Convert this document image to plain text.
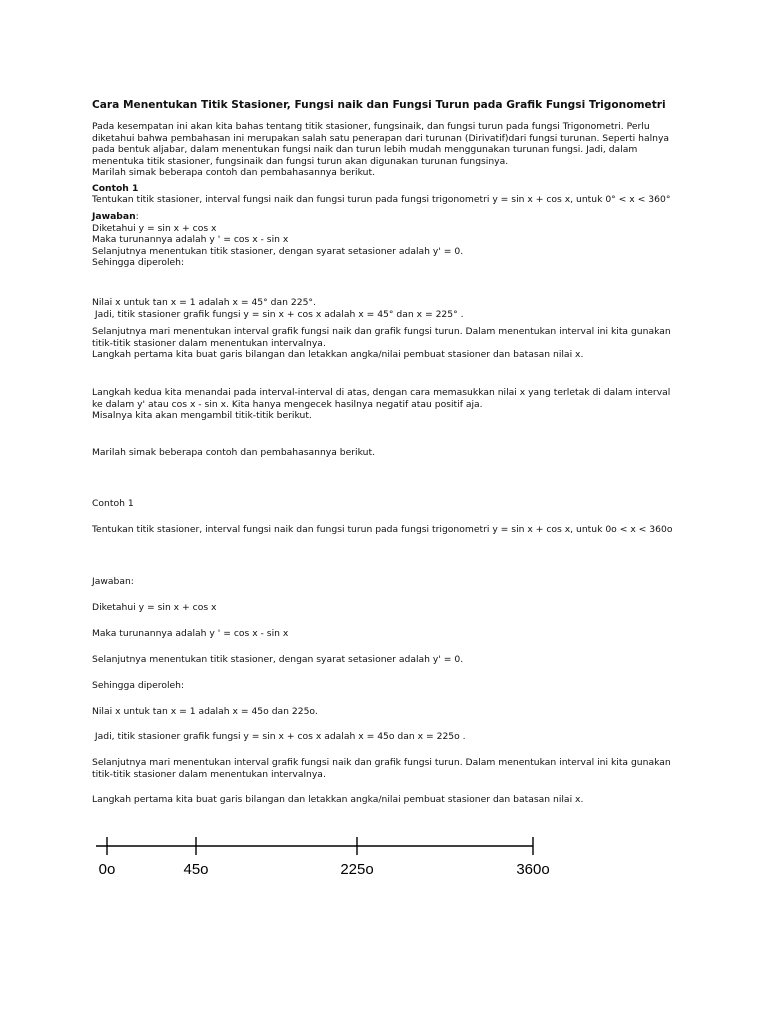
Cara Menentukan Titik Stasioner, Fungsi naik dan Fungsi Turun pada Grafik Fungsi Trigonometri
Pada kesempatan ini akan kita bahas tentang titik stasioner, fungsinaik, dan fungsi turun pada fungsi Trigonometri. Perlu
diketahui bahwa pembahasan ini merupakan salah satu penerapan dari turunan (Dirivatif)dari fungsi turunan. Seperti halnya
pada bentuk aljabar, dalam menentukan fungsi naik dan turun lebih mudah menggunakan turunan fungsi. Jadi, dalam
menentuka titik stasioner, fungsinaik dan fungsi turun akan digunakan turunan fungsinya.
Marilah simak beberapa contoh dan pembahasannya berikut.
Contoh 1
Tentukan titik stasioner, interval fungsi naik dan fungsi turun pada fungsi trigonometri y = sin x + cos x, untuk 0° < x < 360°
Jawaban:
Diketahui y = sin x + cos x
Maka turunannya adalah y ' = cos x - sin x
Selanjutnya menentukan titik stasioner, dengan syarat setasioner adalah y' = 0.
Sehingga diperoleh:
Nilai x untuk tan x = 1 adalah x = 45° dan 225°.
Jadi, titik stasioner grafik fungsi y = sin x + cos x adalah x = 45° dan x = 225° .
Selanjutnya mari menentukan interval grafik fungsi naik dan grafik fungsi turun. Dalam menentukan interval ini kita gunakan
titik-titik stasioner dalam menentukan intervalnya.
Langkah pertama kita buat garis bilangan dan letakkan angka/nilai pembuat stasioner dan batasan nilai x.
Langkah kedua kita menandai pada interval-interval di atas, dengan cara memasukkan nilai x yang terletak di dalam interval
ke dalam y' atau cos x - sin x. Kita hanya mengecek hasilnya negatif atau positif aja.
Misalnya kita akan mengambil titik-titik berikut.
Marilah simak beberapa contoh dan pembahasannya berikut.
Contoh 1
Tentukan titik stasioner, interval fungsi naik dan fungsi turun pada fungsi trigonometri y = sin x + cos x, untuk 0o < x < 360o
Jawaban:
Diketahui y = sin x + cos x
Maka turunannya adalah y ' = cos x - sin x
Selanjutnya menentukan titik stasioner, dengan syarat setasioner adalah y' = 0.
Sehingga diperoleh:
Nilai x untuk tan x = 1 adalah x = 45o dan 225o.
Jadi, titik stasioner grafik fungsi y = sin x + cos x adalah x = 45o dan x = 225o .
Selanjutnya mari menentukan interval grafik fungsi naik dan grafik fungsi turun. Dalam menentukan interval ini kita gunakan
titik-titik stasioner dalam menentukan intervalnya.
Langkah pertama kita buat garis bilangan dan letakkan angka/nilai pembuat stasioner dan batasan nilai x.
0o	45o	225o	360o
